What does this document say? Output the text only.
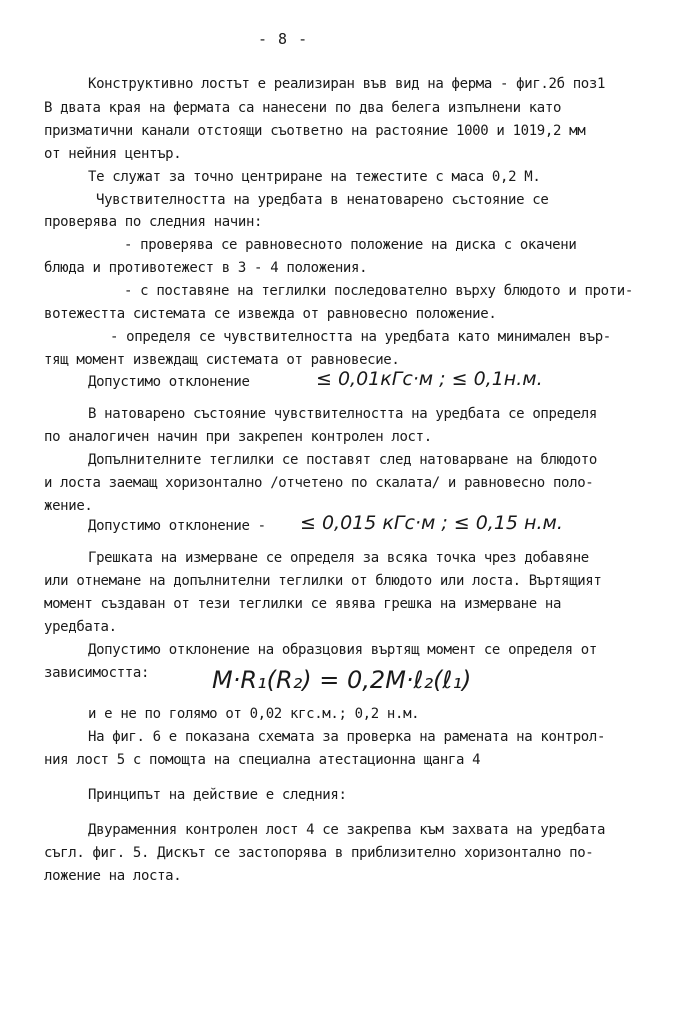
- 8 -
Конструктивно лостът е реализиран във вид на ферма - фиг.2б поз1
В двата края на фермата са нанесени по два белега изпълнени като
призматични канали отстоящи съответно на растояние 1000 и 1019,2 мм
от нейния център.
Те служат за точно центриране на тежестите с маса 0,2 М.
Чувствителността на уредбата в ненатоварено състояние се
проверява по следния начин:
- проверява се равновесното положение на диска с окачени
блюда и противотежест в 3 - 4 положения.
- с поставяне на теглилки последователно върху блюдото и проти-
вотежестта системата се извежда от равновесно положение.
- определя се чувствителността на уредбата като минимален вър-
тящ момент извеждащ системата от равновесие.
Допустимо отклонение	≤ 0,01кГс·м ; ≤ 0,1н.м.
В натоварено състояние чувствителността на уредбата се определя
по аналогичен начин при закрепен контролен лост.
Допълнителните теглилки се поставят след натоварване на блюдото
и лоста заемащ хоризонтално /отчетено по скалата/ и равновесно поло-
жение.
Допустимо отклонение - ≤ 0,015 кГс·м ; ≤ 0,15 н.м.
Грешката на измерване се определя за всяка точка чрез добавяне
или отнемане на допълнителни теглилки от блюдото или лоста. Въртящият
момент създаван от тези теглилки се явява грешка на измерване на
уредбата.
Допустимо отклонение на образцовия въртящ момент се определя от
зависимостта:	M·R₁(R₂) = 0,2M·ℓ₂(ℓ₁)
и е не по голямо от 0,02 кгс.м.; 0,2 н.м.
На фиг. 6 е показана схемата за проверка на рамената на контрол-
ния лост 5 с помощта на специална атестационна щанга 4
Принципът на действие е следния:
Двураменния контролен лост 4 се закрепва към захвата на уредбата
съгл. фиг. 5. Дискът се застопорява в приблизително хоризонтално по-
ложение на лоста.
